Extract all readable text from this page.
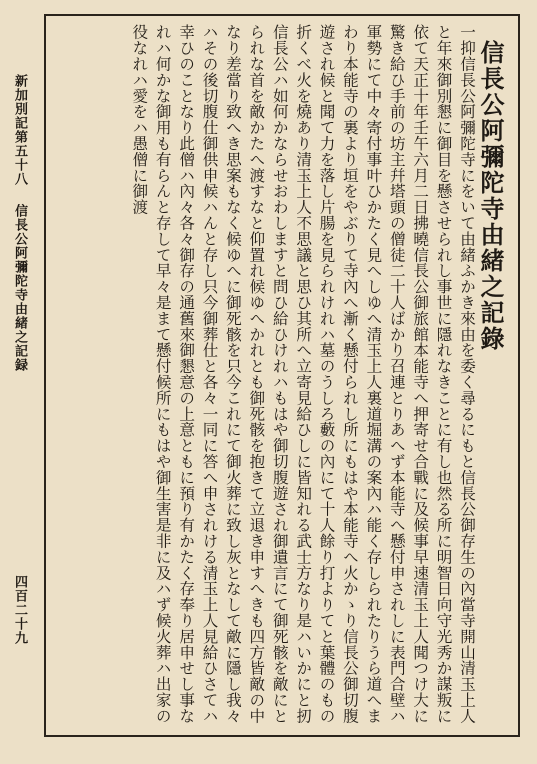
新加別記第五十八信長公阿彌陀寺由緒之記録
四百二十九
信長公阿彌陀寺由緒之記錄

一抑信長公阿彌陀寺にをいて由緒ふかき來由を委く尋るにもと信長公御存生の內當寺開山清玉上人と年來御別懇に御目を懸させられし事世に隱れなきことに有し也然る所に明智日向守光秀か謀叛に依て天正十年壬午六月二日拂曉信長公御旅館本能寺へ押寄せ合戰に及候事早速清玉上人聞つけ大に驚き給ひ手前の坊主幷塔頭の僧徒二十人ばかり召連とりあへず本能寺へ懸付申されしに表門合壁ハ軍勢にて中々寄付事叶ひかたく見へしゆへ清玉上人裏道堀溝の案內ハ能く存しられたりうら道へまわり本能寺の裏より垣をやぶりて寺內へ漸く懸付られし所にもはや本能寺へ火かゝり信長公御切腹遊され候と聞て力を落し片腸を見られけれハ墓のうしろ藪の內にて十人餘り打よりてと葉體のもの折くべ火を燒あり清玉上人不思議と思ひ其所へ立寄見給ひしに皆知れる武士方なり是ハいかにと扨信長公ハ如何かならせおわしますと問ひ給ひけれハもはや御切腹遊され御遺言にて御死骸を敵にとられな首を敵かたへ渡すなと仰置れ候ゆへかれとも御死骸を抱きて立退き申すへきも四方皆敵の中なり差當り致へき思案もなく候ゆへに御死骸を只今これにて御火葬に致し灰となして敵に隱し我々ハその後切腹仕御供申候ハんと存し只今御葬仕と各々一同に答へ申されける清玉上人見給ひさてハ幸ひのことなり此僧ハ內々各々御存の通舊來御懇意の上意ともに預り有かたく存奉り居申せし事なれハ何かな御用も有らんと存して早々是まて懸付候所にもはや御生害是非に及ハず候火葬ハ出家の役なれハ愛をハ愚僧に御渡
